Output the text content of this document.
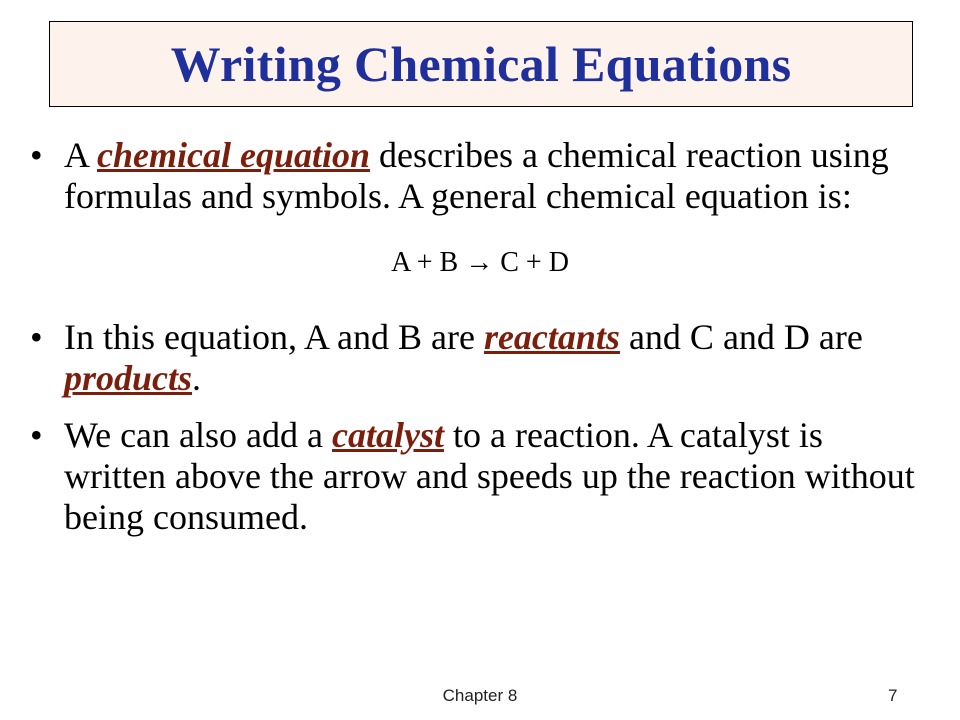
Writing Chemical Equations
• A chemical equation describes a chemical reaction using formulas and symbols. A general chemical equation is:
A + B → C + D
• In this equation, A and B are reactants and C and D are products.
• We can also add a catalyst to a reaction. A catalyst is written above the arrow and speeds up the reaction without being consumed.
Chapter 8	7
